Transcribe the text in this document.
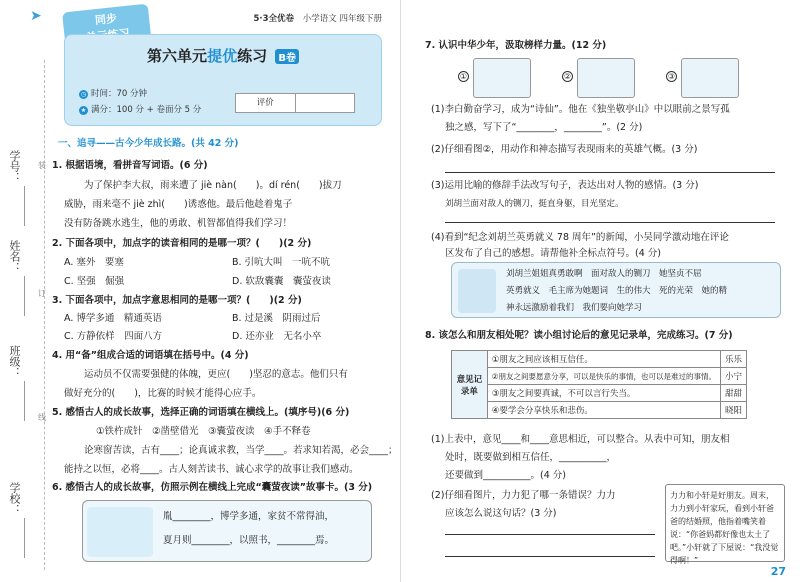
学号：
姓名：
班级：
学校：
装
订
线
➤	同步	5·3全优卷 小学语文 四年级下册
第六单元提优练习 B卷
◷ 时间：70 分钟
★ 满分：100 分 + 卷面分 5 分
评价
一、追寻——古今少年成长路。(共 42 分)
1. 根据语境，看拼音写词语。(6 分)
为了保护李大叔，雨来遭了 jiè nàn(　　)。dí rén(　　)拔刀
威胁，雨来毫不 jiè zhì(　　)诱惑他。最后他趁着鬼子
没有防备跳水逃生，他的勇敢、机智都值得我们学习！
2. 下面各项中，加点字的读音相同的是哪一项？(　　)(2 分)
A. 塞外　要塞	B. 引吭大叫　一吭不吭
C. 坚强　倔强	D. 软敌囊囊　囊萤夜读
3. 下面各项中，加点字意思相同的是哪一项？(　　)(2 分)
A. 博学多通　精通英语	B. 过是溪　阴雨过后
C. 方静依样　四面八方	D. 还亦业　无名小卒
4. 用“备”组成合适的词语填在括号中。(4 分)
运动员不仅需要强健的体魄，更应(　　)坚忍的意志。他们只有
做好充分的(　　)，比赛的时候才能得心应手。
5. 感悟古人的成长故事，选择正确的词语填在横线上。(填序号)(6 分)
①铁杵成针　②凿壁借光　③囊萤夜读　④手不释卷
论寒窗苦读，古有____；论真诚求教，当学____。若求知若渴，必会____；
能持之以恒，必将____。古人刻苦读书、诚心求学的故事让我们感动。
6. 感悟古人的成长故事，仿照示例在横线上完成“囊萤夜读”故事卡。(3 分)
胤________，博学多通，家贫不常得油，
夏月则________，以照书，________焉。
7. 认识中华少年，汲取榜样力量。(12 分)
①	②	③
(1)李白勤奋学习，成为“诗仙”。他在《独坐敬亭山》中以眼前之景写孤
独之感，写下了“________，________”。(2 分)
(2)仔细看图②，用动作和神态描写表现雨来的英雄气概。(3 分)
(3)运用比喻的修辞手法改写句子，表达出对人物的感情。(3 分)
刘胡兰面对敌人的铡刀，挺直身躯，目光坚定。
(4)看到“纪念刘胡兰英勇就义 78 周年”的新闻，小吴同学激动地在评论
区发布了自己的感想。请帮他补全标点符号。(4 分)
刘胡兰姐姐真勇敢啊　面对敌人的铡刀　她坚贞不屈
英勇就义　毛主席为她题词　生的伟大　死的光荣　她的精
神永远激励着我们　我们要向她学习
8. 该怎么和朋友相处呢？读小组讨论后的意见记录单，完成练习。(7 分)
意见记录单	①朋友之间应该相互信任。	乐乐
	②朋友之间要愿意分享，可以是快乐的事情，也可以是难过的事情。	小宁
	③朋友之间要真诚，不可以言行失当。	甜甜
	④要学会分享快乐和悲伤。	晓阳
(1)上表中，意见____和____意思相近，可以整合。从表中可知，朋友相
处时，既要做到相互信任，__________，
还要做到__________。(4 分)
(2)仔细看图片，力力犯了哪一条错误？力力
应该怎么说这句话？(3 分)
力力和小轩是好朋友。周末，力力到小轩家玩，看到小轩爸爸的结婚照，他指着嘴笑着说：“你爸妈都好像也太土了吧。”小轩就了下屋说：“我没觉得啊！”
27
